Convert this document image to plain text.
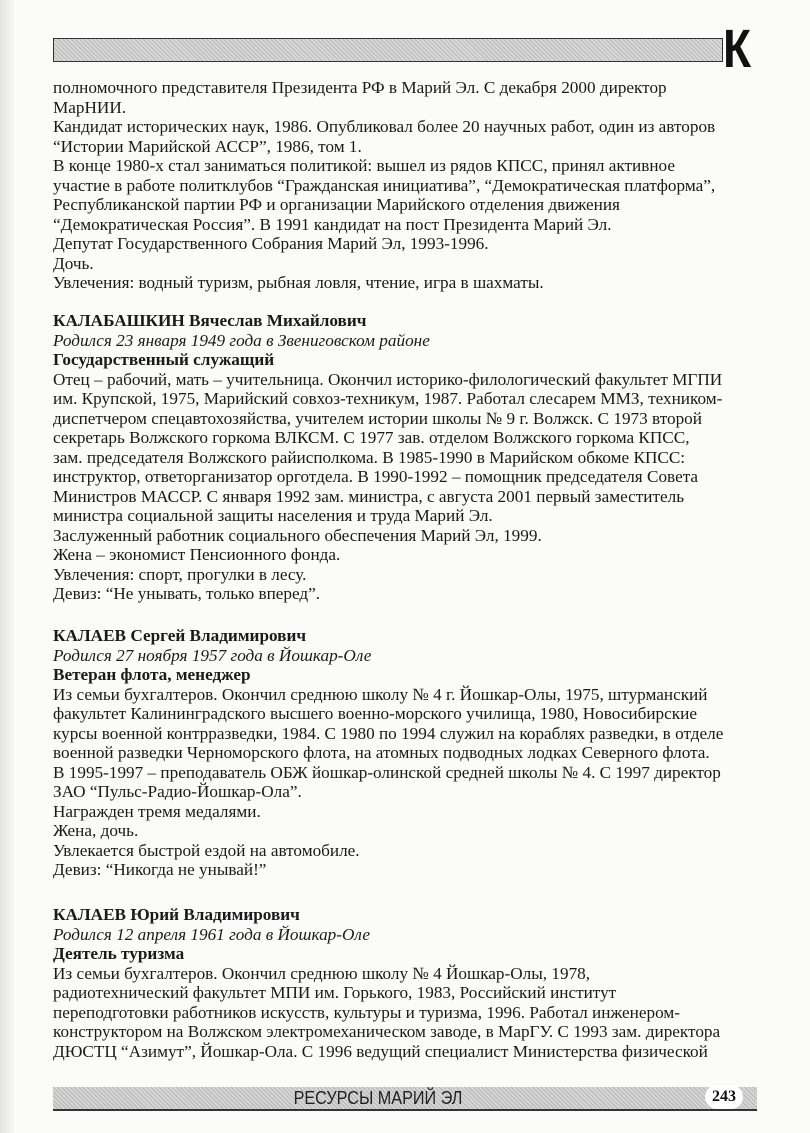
К
полномочного представителя Президента РФ в Марий Эл. С декабря 2000 директор
МарНИИ.
Кандидат исторических наук, 1986. Опубликовал более 20 научных работ, один из авторов
“Истории Марийской АССР”, 1986, том 1.
В конце 1980-х стал заниматься политикой: вышел из рядов КПСС, принял активное
участие в работе политклубов “Гражданская инициатива”, “Демократическая платформа”,
Республиканской партии РФ и организации Марийского отделения движения
“Демократическая Россия”. В 1991 кандидат на пост Президента Марий Эл.
Депутат Государственного Собрания Марий Эл, 1993-1996.
Дочь.
Увлечения: водный туризм, рыбная ловля, чтение, игра в шахматы.
КАЛАБАШКИН Вячеслав Михайлович
Родился 23 января 1949 года в Звениговском районе
Государственный служащий
Отец – рабочий, мать – учительница. Окончил историко-филологический факультет МГПИ
им. Крупской, 1975, Марийский совхоз-техникум, 1987. Работал слесарем ММЗ, техником-
диспетчером спецавтохозяйства, учителем истории школы № 9 г. Волжск. С 1973 второй
секретарь Волжского горкома ВЛКСМ. С 1977 зав. отделом Волжского горкома КПСС,
зам. председателя Волжского райисполкома. В 1985-1990 в Марийском обкоме КПСС:
инструктор, ответорганизатор орготдела. В 1990-1992 – помощник председателя Совета
Министров МАССР. С января 1992 зам. министра, с августа 2001 первый заместитель
министра социальной защиты населения и труда Марий Эл.
Заслуженный работник социального обеспечения Марий Эл, 1999.
Жена – экономист Пенсионного фонда.
Увлечения: спорт, прогулки в лесу.
Девиз: “Не унывать, только вперед”.
КАЛАЕВ Сергей Владимирович
Родился 27 ноября 1957 года в Йошкар-Оле
Ветеран флота, менеджер
Из семьи бухгалтеров. Окончил среднюю школу № 4 г. Йошкар-Олы, 1975, штурманский
факультет Калининградского высшего военно-морского училища, 1980, Новосибирские
курсы военной контрразведки, 1984. С 1980 по 1994 служил на кораблях разведки, в отделе
военной разведки Черноморского флота, на атомных подводных лодках Северного флота.
В 1995-1997 – преподаватель ОБЖ йошкар-олинской средней школы № 4. С 1997 директор
ЗАО “Пульс-Радио-Йошкар-Ола”.
Награжден тремя медалями.
Жена, дочь.
Увлекается быстрой ездой на автомобиле.
Девиз: “Никогда не унывай!”
КАЛАЕВ Юрий Владимирович
Родился 12 апреля 1961 года в Йошкар-Оле
Деятель туризма
Из семьи бухгалтеров. Окончил среднюю школу № 4 Йошкар-Олы, 1978,
радиотехнический факультет МПИ им. Горького, 1983, Российский институт
переподготовки работников искусств, культуры и туризма, 1996. Работал инженером-
конструктором на Волжском электромеханическом заводе, в МарГУ. С 1993 зам. директора
ДЮСТЦ “Азимут”, Йошкар-Ола. С 1996 ведущий специалист Министерства физической
РЕСУРСЫ МАРИЙ ЭЛ	243
